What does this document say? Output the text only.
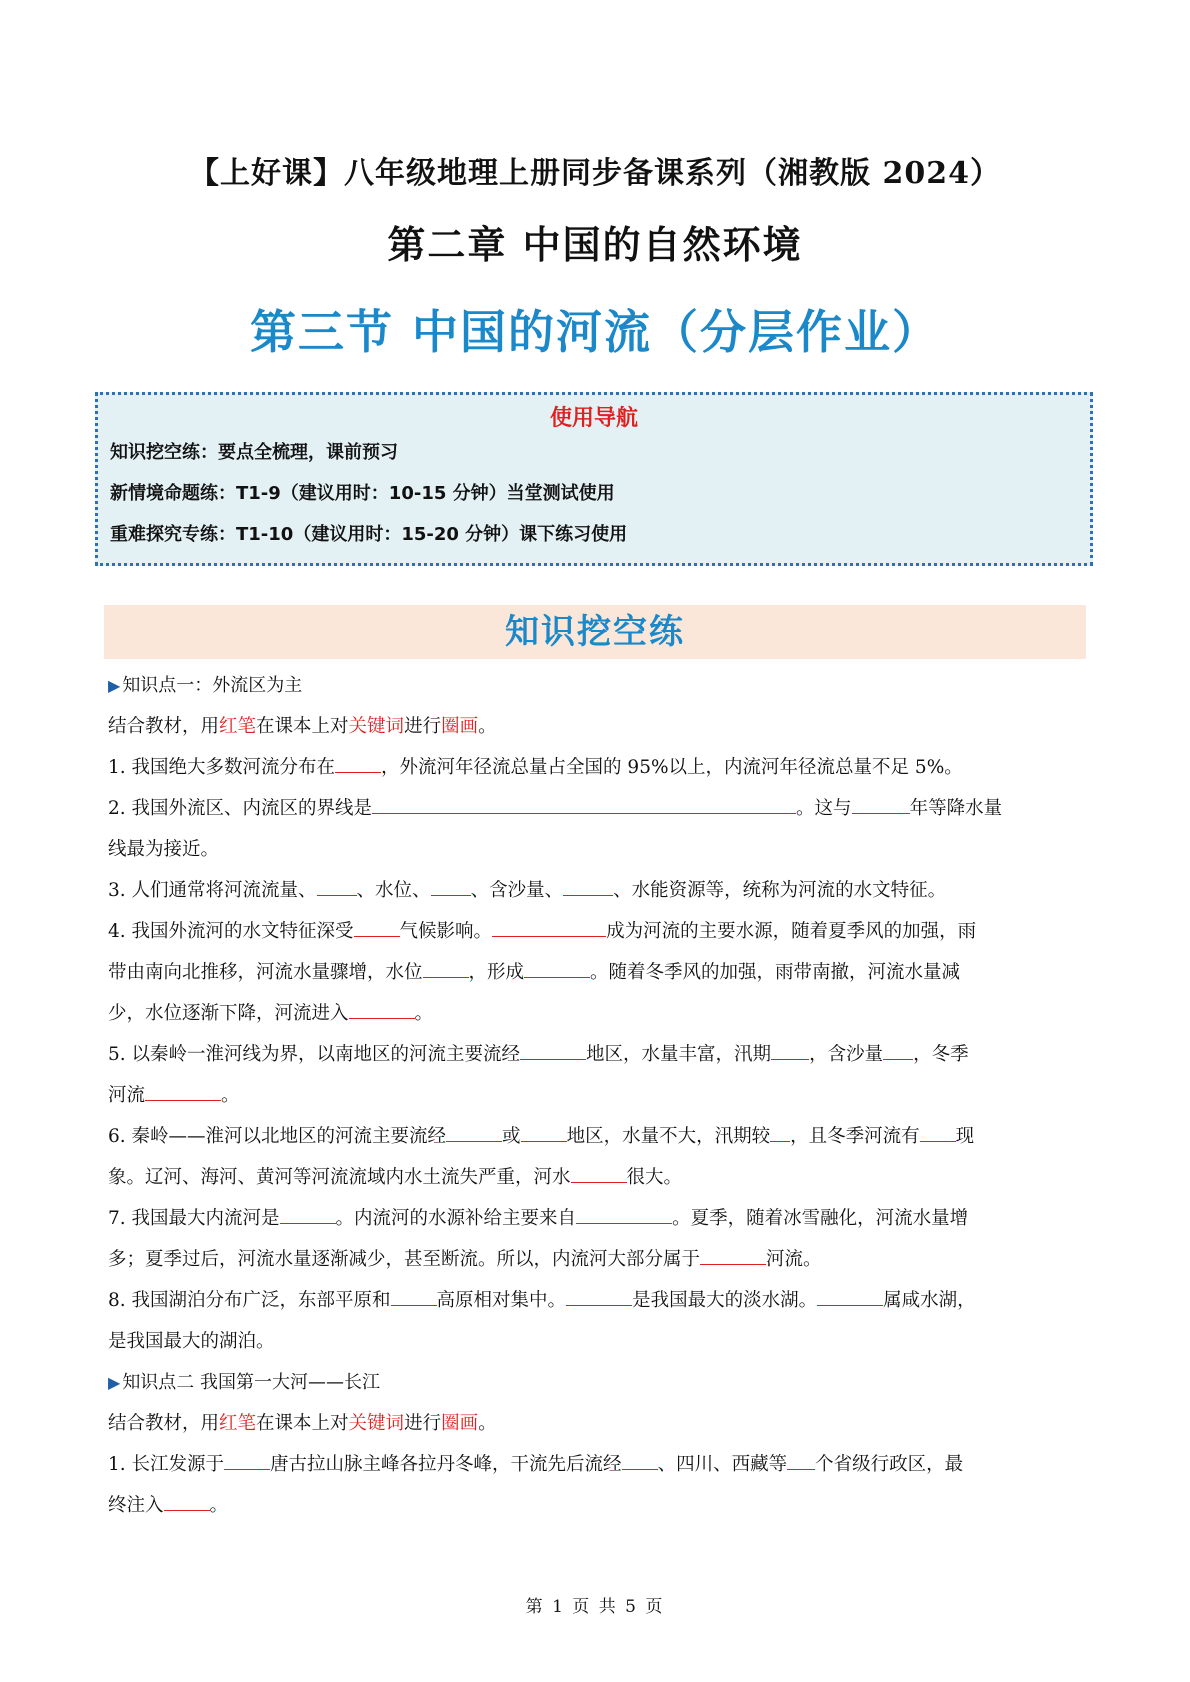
【上好课】八年级地理上册同步备课系列（湘教版 2024）
第二章 中国的自然环境
第三节 中国的河流（分层作业）
使用导航
知识挖空练：要点全梳理，课前预习
新情境命题练：T1-9（建议用时：10-15 分钟）当堂测试使用
重难探究专练：T1-10（建议用时：15-20 分钟）课下练习使用
知识挖空练

▶ 知识点一：外流区为主

结合教材，用红笔在课本上对关键词进行圈画。

1. 我国绝大多数河流分布在 ，外流河年径流总量占全国的 95%以上，内流河年径流总量不足 5%。

2. 我国外流区、内流区的界线是	。这与	年等降水量
线最为接近。

3. 人们通常将河流流量、 、水位、 、含沙量、	、水能资源等，统称为河流的水文特征。

4. 我国外流河的水文特征深受 气候影响。	成为河流的主要水源，随着夏季风的加强，雨
带由南向北推移，河流水量骤增，水位 ，形成	。随着冬季风的加强，雨带南撤，河流水量减
少，水位逐渐下降，河流进入	。

5. 以秦岭一淮河线为界，以南地区的河流主要流经	地区，水量丰富，汛期 ，含沙量 ，冬季
河流	。

6. 秦岭——淮河以北地区的河流主要流经	或 地区，水量不大，汛期较 ，且冬季河流有 现
象。辽河、海河、黄河等河流流域内水土流失严重，河水	很大。

7. 我国最大内流河是	。内流河的水源补给主要来自	。夏季，随着冰雪融化，河流水量增
多；夏季过后，河流水量逐渐减少，甚至断流。所以，内流河大部分属于	河流。

8. 我国湖泊分布广泛，东部平原和 高原相对集中。	是我国最大的淡水湖。	属咸水湖，
是我国最大的湖泊。

▶ 知识点二 我国第一大河——长江

结合教材，用红笔在课本上对关键词进行圈画。

1. 长江发源于 唐古拉山脉主峰各拉丹冬峰，干流先后流经 、四川、西藏等 个省级行政区，最
终注入 。

第 1 页 共 5 页
